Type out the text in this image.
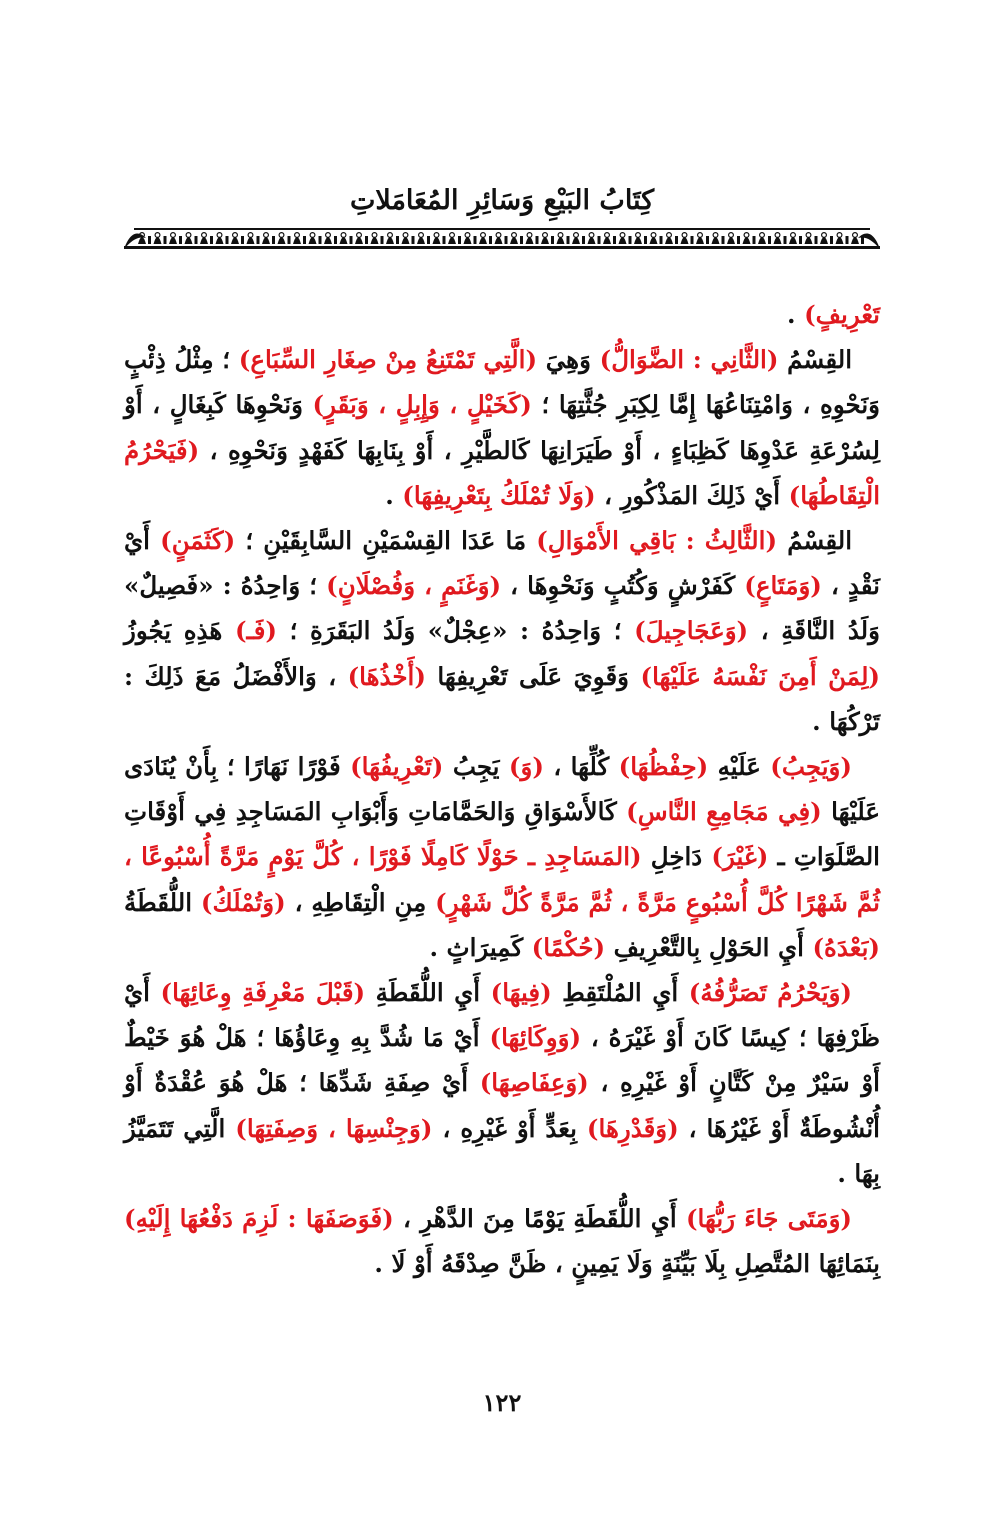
كِتَابُ البَيْعِ وَسَائِرِ المُعَامَلاتِ

تَعْرِيفٍ) .

القِسْمُ (الثَّانِي : الضَّوَالُّ) وَهِيَ (الَّتِي تَمْتَنِعُ مِنْ صِغَارِ السِّبَاعِ) ؛ مِثْلُ ذِئْبٍ وَنَحْوِهِ ، وَامْتِنَاعُهَا إِمَّا لِكِبَرِ جُثَّتِهَا ؛ (كَخَيْلٍ ، وَإِبِلٍ ، وَبَقَرٍ) وَنَحْوِهَا كَبِغَالٍ ، أَوْ لِسُرْعَةِ عَدْوِهَا كَظِبَاءٍ ، أَوْ طَيَرَانِهَا كَالطَّيْرِ ، أَوْ بِنَابِهَا كَفَهْدٍ وَنَحْوِهِ ، (فَيَحْرُمُ الْتِقَاطُهَا) أَيْ ذَلِكَ المَذْكُورِ ، (وَلَا تُمْلَكُ بِتَعْرِيفِهَا) .

القِسْمُ (الثَّالِثُ : بَاقِي الأَمْوَالِ) مَا عَدَا القِسْمَيْنِ السَّابِقَيْنِ ؛ (كَثَمَنٍ) أَيْ نَقْدٍ ، (وَمَتَاعٍ) كَفَرْشٍ وَكُتُبٍ وَنَحْوِهَا ، (وَغَنَمٍ ، وَفُصْلَانٍ) ؛ وَاحِدُهُ : «فَصِيلٌ» وَلَدُ النَّاقَةِ ، (وَعَجَاجِيلَ) ؛ وَاحِدُهُ : «عِجْلٌ» وَلَدُ البَقَرَةِ ؛ (فَـ) هَذِهِ يَجُوزُ (لِمَنْ أَمِنَ نَفْسَهُ عَلَيْهَا) وَقَوِيَ عَلَى تَعْرِيفِهَا (أَخْذُهَا) ، وَالأَفْضَلُ مَعَ ذَلِكَ : تَرْكُهَا .

(وَيَجِبُ) عَلَيْهِ (حِفْظُهَا) كُلِّهَا ، (وَ) يَجِبُ (تَعْرِيفُهَا) فَوْرًا نَهَارًا ؛ بِأَنْ يُنَادَى عَلَيْهَا (فِي مَجَامِعِ النَّاسِ) كَالأَسْوَاقِ وَالحَمَّامَاتِ وَأَبْوَابِ المَسَاجِدِ فِي أَوْقَاتِ الصَّلَوَاتِ ـ (غَيْرَ) دَاخِلِ (المَسَاجِدِ ـ حَوْلًا كَامِلًا فَوْرًا ، كُلَّ يَوْمٍ مَرَّةً أُسْبُوعًا ، ثُمَّ شَهْرًا كُلَّ أُسْبُوعٍ مَرَّةً ، ثُمَّ مَرَّةً كُلَّ شَهْرٍ) مِنِ الْتِقَاطِهِ ، (وَتُمْلَكُ) اللُّقَطَةُ (بَعْدَهُ) أَيِ الحَوْلِ بِالتَّعْرِيفِ (حُكْمًا) كَمِيرَاثٍ .

(وَيَحْرُمُ تَصَرُّفُهُ) أَيِ المُلْتَقِطِ (فِيهَا) أَيِ اللُّقَطَةِ (قَبْلَ مَعْرِفَةِ وِعَائِهَا) أَيْ ظَرْفِهَا ؛ كِيسًا كَانَ أَوْ غَيْرَهُ ، (وَوِكَائِهَا) أَيْ مَا شُدَّ بِهِ وِعَاؤُهَا ؛ هَلْ هُوَ خَيْطٌ أَوْ سَيْرٌ مِنْ كَتَّانٍ أَوْ غَيْرِهِ ، (وَعِفَاصِهَا) أَيْ صِفَةِ شَدِّهَا ؛ هَلْ هُوَ عُقْدَةٌ أَوْ أُنْشُوطَةٌ أَوْ غَيْرُهَا ، (وَقَدْرِهَا) بِعَدٍّ أَوْ غَيْرِهِ ، (وَجِنْسِهَا ، وَصِفَتِهَا) الَّتِي تَتَمَيَّزُ بِهَا .

(وَمَتَى جَاءَ رَبُّهَا) أَيِ اللُّقَطَةِ يَوْمًا مِنَ الدَّهْرِ ، (فَوَصَفَهَا : لَزِمَ دَفْعُهَا إِلَيْهِ) بِنَمَائِهَا المُتَّصِلِ بِلَا بَيِّنَةٍ وَلَا يَمِينٍ ، ظَنَّ صِدْقَهُ أَوْ لَا .

١٢٢
